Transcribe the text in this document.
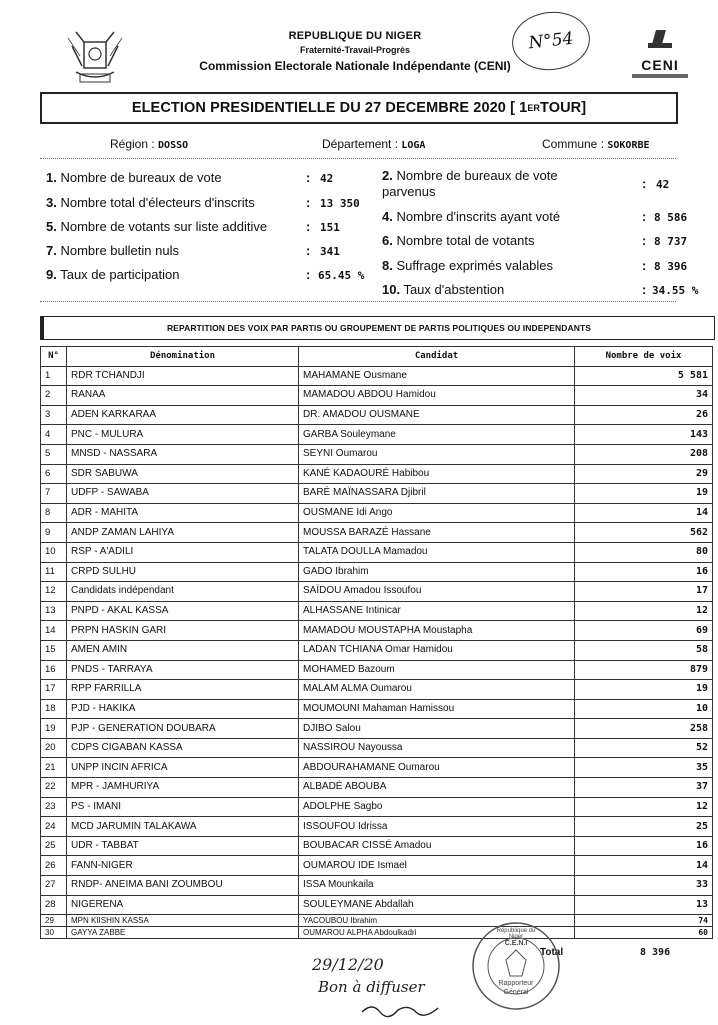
REPUBLIQUE DU NIGER
Fraternité-Travail-Progrès
Commission Electorale Nationale Indépendante (CENI)
N°54
CENI
ELECTION PRESIDENTIELLE DU 27 DECEMBRE 2020 [ 1 ER TOUR]
Région : DOSSO	Département : LOGA	Commune : SOKORBE
1. Nombre de bureaux de vote	: 42
3. Nombre total d'électeurs d'inscrits	: 13 350
5. Nombre de votants sur liste additive	: 151
7. Nombre bulletin nuls	: 341
9. Taux de participation	: 65.45 %
2. Nombre de bureaux de vote
parvenus
: 42
4. Nombre d'inscrits ayant voté	: 8 586
6. Nombre total de votants	: 8 737
8. Suffrage exprimés valables	: 8 396
10. Taux d'abstention	: 34.55 %
REPARTITION DES VOIX PAR PARTIS OU GROUPEMENT DE PARTIS POLITIQUES OU INDEPENDANTS
N°	Dénomination	Candidat	Nombre de voix
1	RDR TCHANDJI	MAHAMANE Ousmane	5 581
2	RANAA	MAMADOU ABDOU Hamidou	34
3	ADEN KARKARAA	DR. AMADOU OUSMANE	26
4	PNC - MULURA	GARBA Souleymane	143
5	MNSD - NASSARA	SEYNI Oumarou	208
6	SDR SABUWA	KANÉ KADAOURÉ Habibou	29
7	UDFP - SAWABA	BARÉ MAÏNASSARA Djibril	19
8	ADR - MAHITA	OUSMANE Idi Ango	14
9	ANDP ZAMAN LAHIYA	MOUSSA BARAZÉ Hassane	562
10	RSP - A'ADILI	TALATA DOULLA Mamadou	80
11	CRPD SULHU	GADO Ibrahim	16
12	Candidats indépendant	SAÏDOU Amadou Issoufou	17
13	PNPD - AKAL KASSA	ALHASSANE Intinicar	12
14	PRPN HASKIN GARI	MAMADOU MOUSTAPHA Moustapha	69
15	AMEN AMIN	LADAN TCHIANA Omar Hamidou	58
16	PNDS - TARRAYA	MOHAMED Bazoum	879
17	RPP FARRILLA	MALAM ALMA Oumarou	19
18	PJD - HAKIKA	MOUMOUNI Mahaman Hamissou	10
19	PJP - GENERATION DOUBARA	DJIBO Salou	258
20	CDPS CIGABAN KASSA	NASSIROU Nayoussa	52
21	UNPP INCIN AFRICA	ABDOURAHAMANE Oumarou	35
22	MPR - JAMHURIYA	ALBADÉ ABOUBA	37
23	PS - IMANI	ADOLPHE Sagbo	12
24	MCD JARUMIN TALAKAWA	ISSOUFOU Idrissa	25
25	UDR - TABBAT	BOUBACAR CISSÉ Amadou	16
26	FANN-NIGER	OUMAROU IDE Ismael	14
27	RNDP- ANEIMA BANI ZOUMBOU	ISSA Mounkaila	33
28	NIGERENA	SOULEYMANE Abdallah	13
29	MPN KIISHIN KASSA	YACOUBOU Ibrahim	74
30	GAYYA ZABBE	OUMAROU ALPHA Abdoulkadri	60
Total	8 396
29/12/20
Bon à diffuser
République du Niger
C.E.N.I
Rapporteur
Général
